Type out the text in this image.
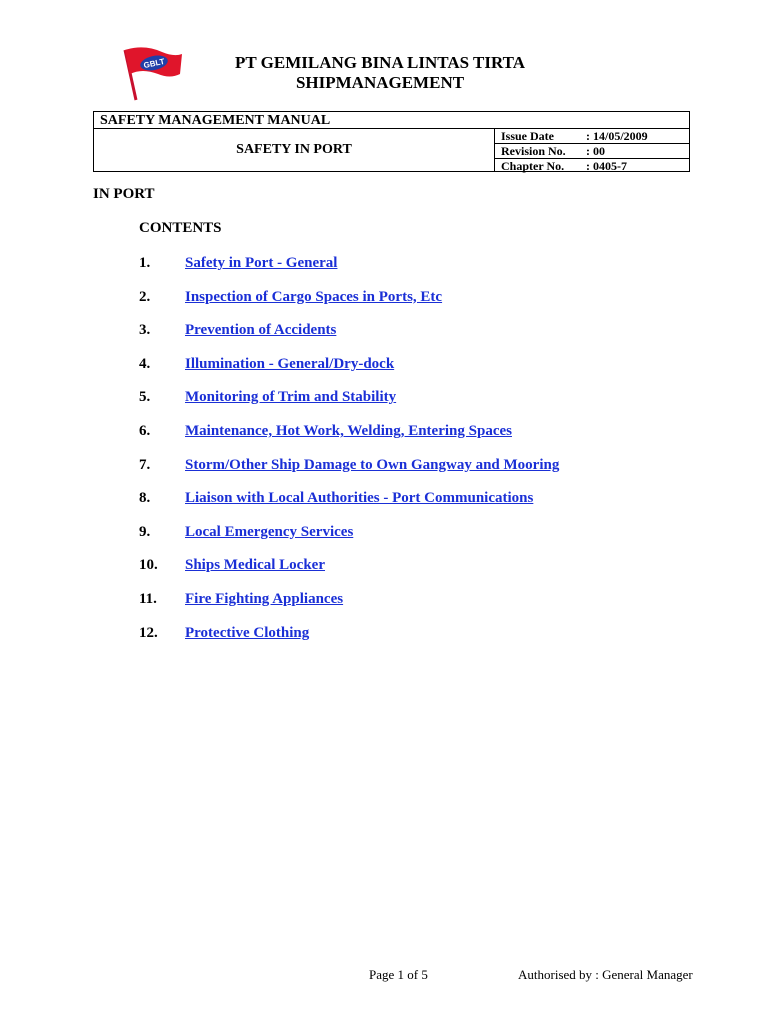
GBLT	PT GEMILANG BINA LINTAS TIRTA
SHIPMANAGEMENT
SAFETY MANAGEMENT MANUAL
SAFETY IN PORT
Issue Date	: 14/05/2009
Revision No. : 00
Chapter No. : 0405-7
IN PORT
CONTENTS
1. Safety in Port - General
2. Inspection of Cargo Spaces in Ports, Etc
3. Prevention of Accidents
4. Illumination - General/Dry-dock
5. Monitoring of Trim and Stability
6. Maintenance, Hot Work, Welding, Entering Spaces
7. Storm/Other Ship Damage to Own Gangway and Mooring
8. Liaison with Local Authorities - Port Communications
9. Local Emergency Services
10. Ships Medical Locker
11. Fire Fighting Appliances
12. Protective Clothing
Page 1 of 5	Authorised by : General Manager
